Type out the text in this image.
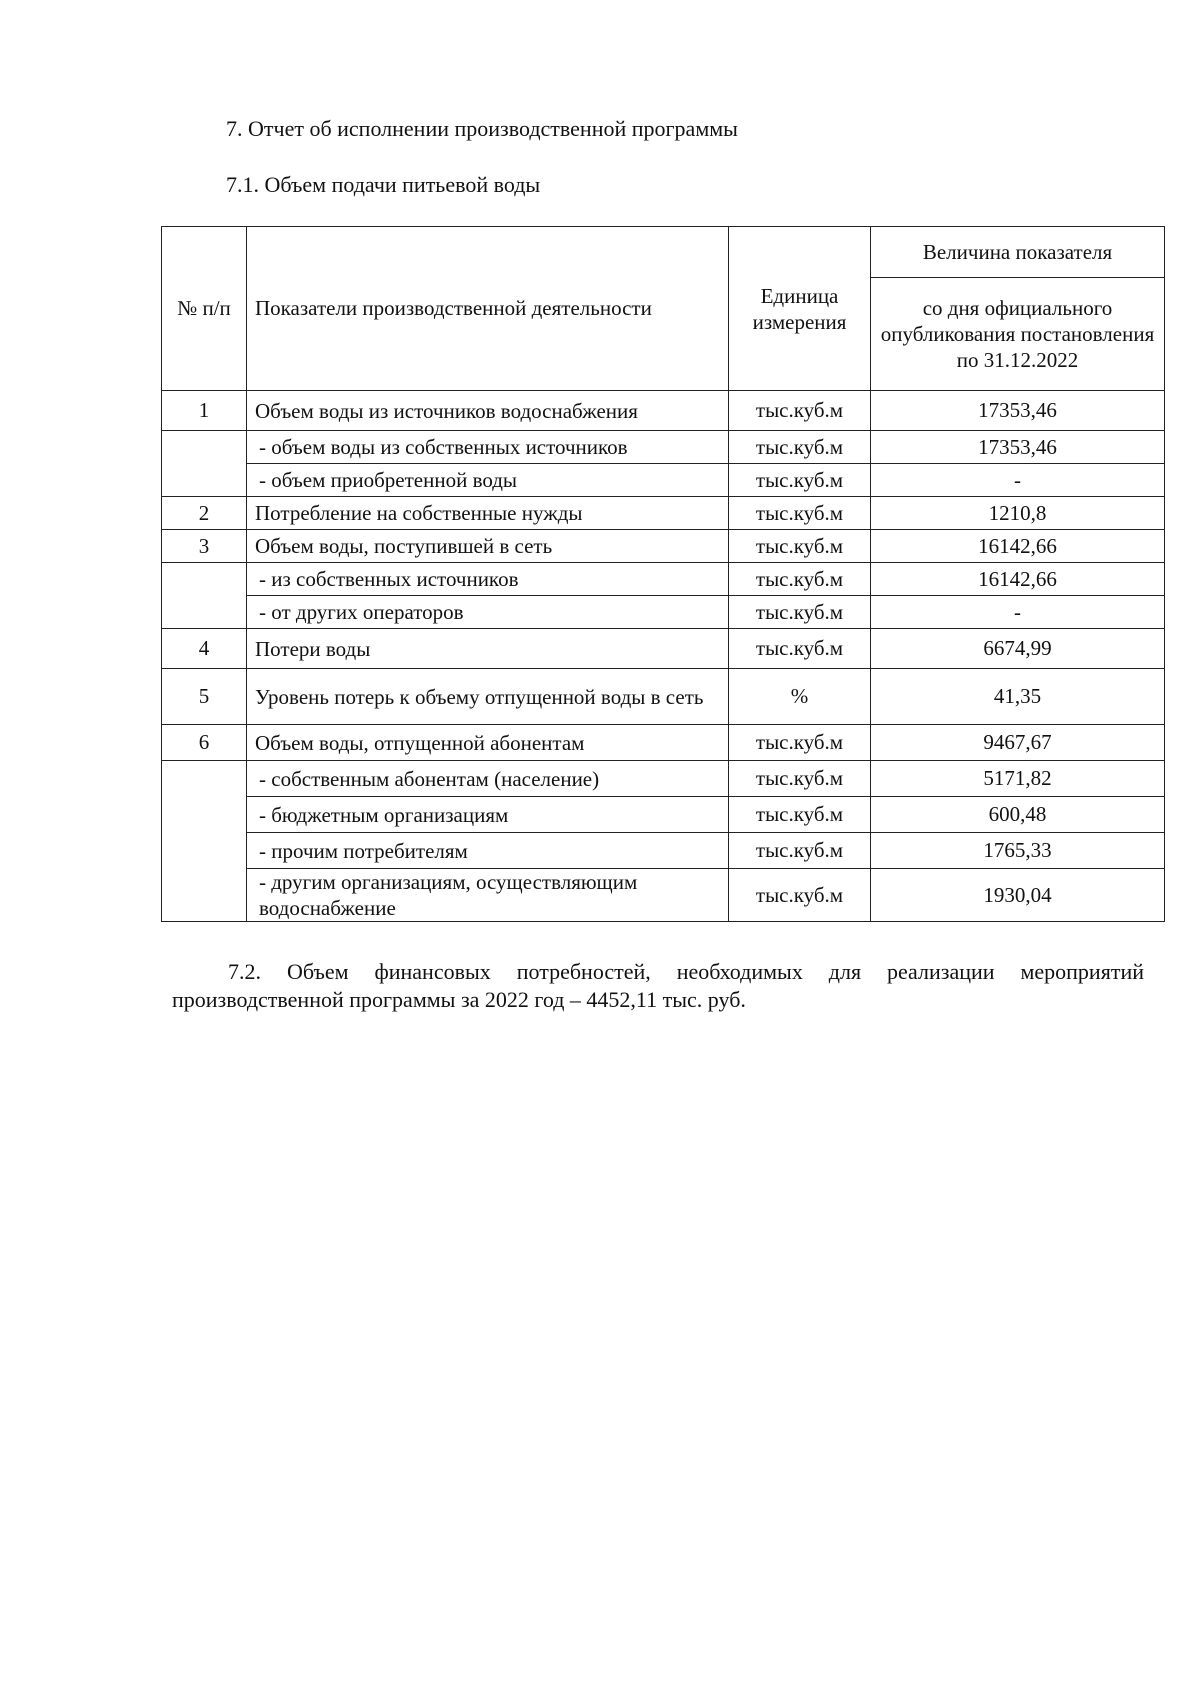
7. Отчет об исполнении производственной программы
7.1. Объем подачи питьевой воды
№ п/п	Показатели производственной деятельности	Единица измерения	Величина показателя
			со дня официального опубликования постановления по 31.12.2022
1	Объем воды из источников водоснабжения	тыс.куб.м	17353,46
	- объем воды из собственных источников	тыс.куб.м	17353,46
	- объем приобретенной воды	тыс.куб.м	-
2	Потребление на собственные нужды	тыс.куб.м	1210,8
3	Объем воды, поступившей в сеть	тыс.куб.м	16142,66
	- из собственных источников	тыс.куб.м	16142,66
	- от других операторов	тыс.куб.м	-
4	Потери воды	тыс.куб.м	6674,99
5	Уровень потерь к объему отпущенной воды в сеть	%	41,35
6	Объем воды, отпущенной абонентам	тыс.куб.м	9467,67
	- собственным абонентам (население)	тыс.куб.м	5171,82
	- бюджетным организациям	тыс.куб.м	600,48
	- прочим потребителям	тыс.куб.м	1765,33
	- другим организациям, осуществляющим водоснабжение	тыс.куб.м	1930,04
7.2. Объем финансовых потребностей, необходимых для реализации мероприятий производственной программы за 2022 год – 4452,11 тыс. руб.
